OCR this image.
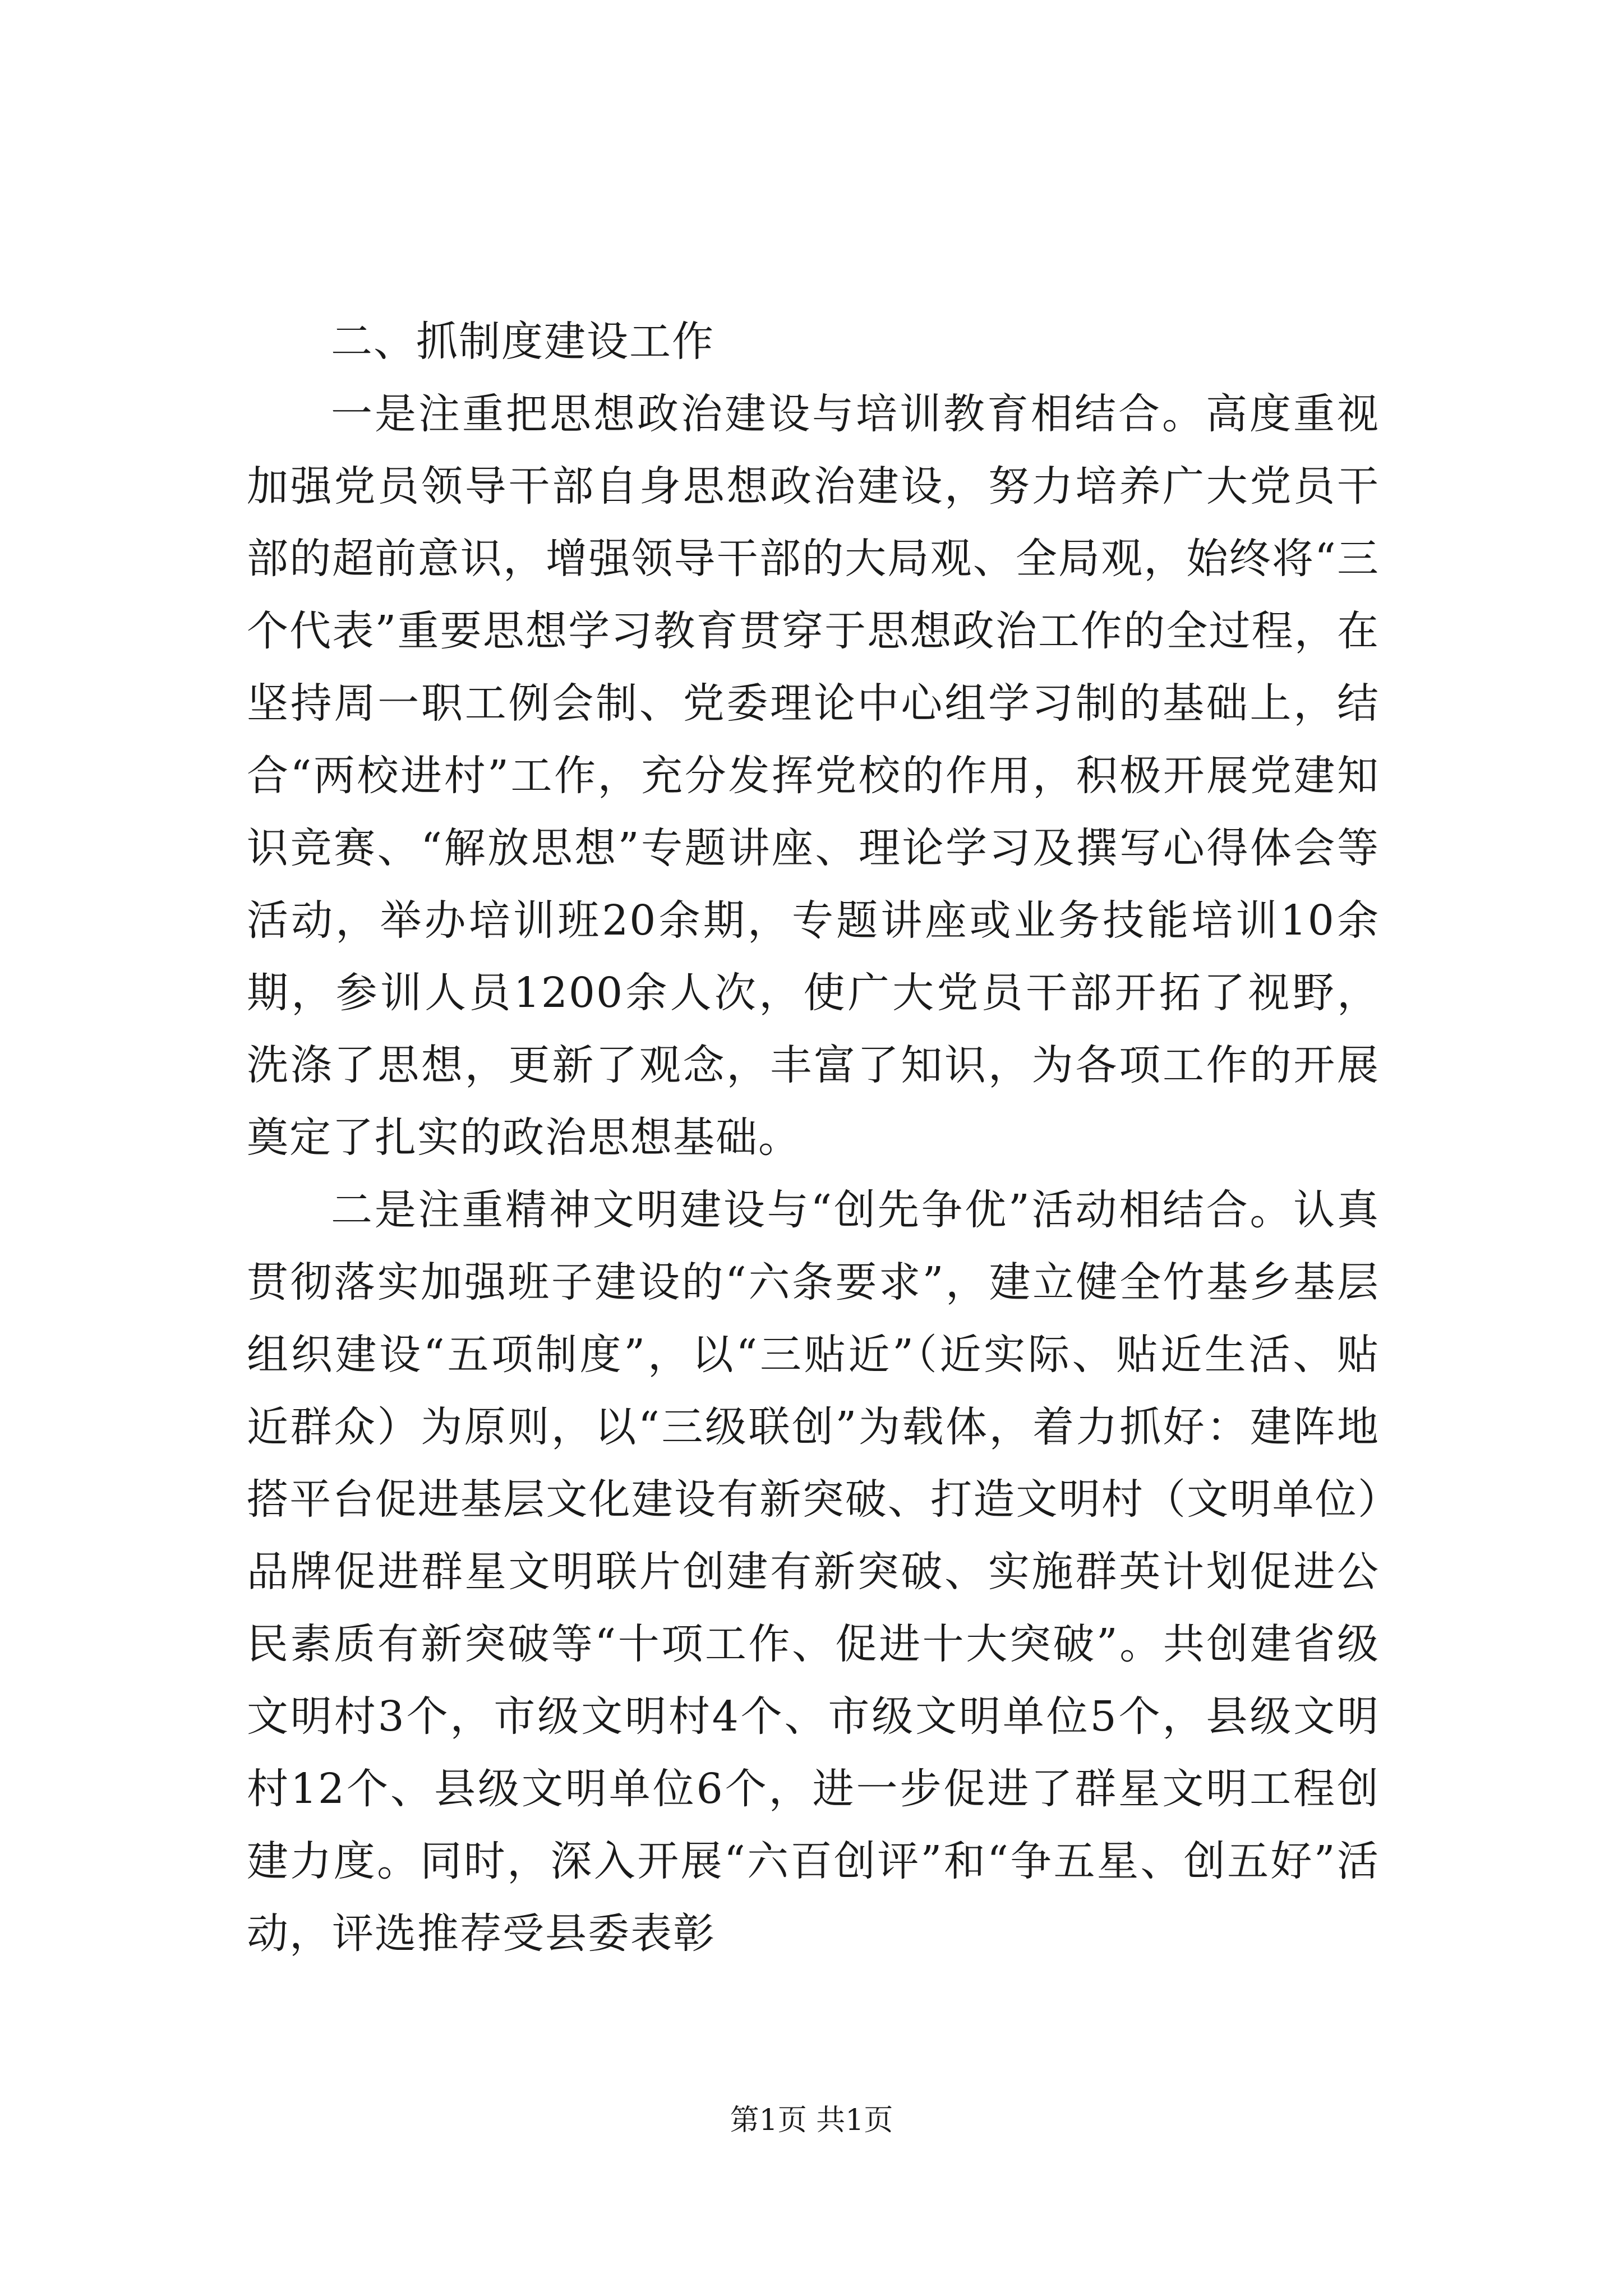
二、抓制度建设工作

一是注重把思想政治建设与培训教育相结合。高度重视加强党员领导干部自身思想政治建设，努力培养广大党员干部的超前意识，增强领导干部的大局观、全局观，始终将“三个代表”重要思想学习教育贯穿于思想政治工作的全过程，在坚持周一职工例会制、党委理论中心组学习制的基础上，结合“两校进村”工作，充分发挥党校的作用，积极开展党建知识竞赛、“解放思想”专题讲座、理论学习及撰写心得体会等活动，举办培训班20余期，专题讲座或业务技能培训10余期，参训人员1200余人次，使广大党员干部开拓了视野，洗涤了思想，更新了观念，丰富了知识，为各项工作的开展奠定了扎实的政治思想基础。

二是注重精神文明建设与“创先争优”活动相结合。认真贯彻落实加强班子建设的“六条要求”，建立健全竹基乡基层组织建设“五项制度”，以“三贴近”（近实际、贴近生活、贴近群众）为原则，以“三级联创”为载体，着力抓好：建阵地搭平台促进基层文化建设有新突破、打造文明村（文明单位）品牌促进群星文明联片创建有新突破、实施群英计划促进公民素质有新突破等“十项工作、促进十大突破”。共创建省级文明村3个，市级文明村4个、市级文明单位5个，县级文明村12个、县级文明单位6个，进一步促进了群星文明工程创建力度。同时，深入开展“六百创评”和“争五星、创五好”活动，评选推荐受县委表彰

第1页 共1页
